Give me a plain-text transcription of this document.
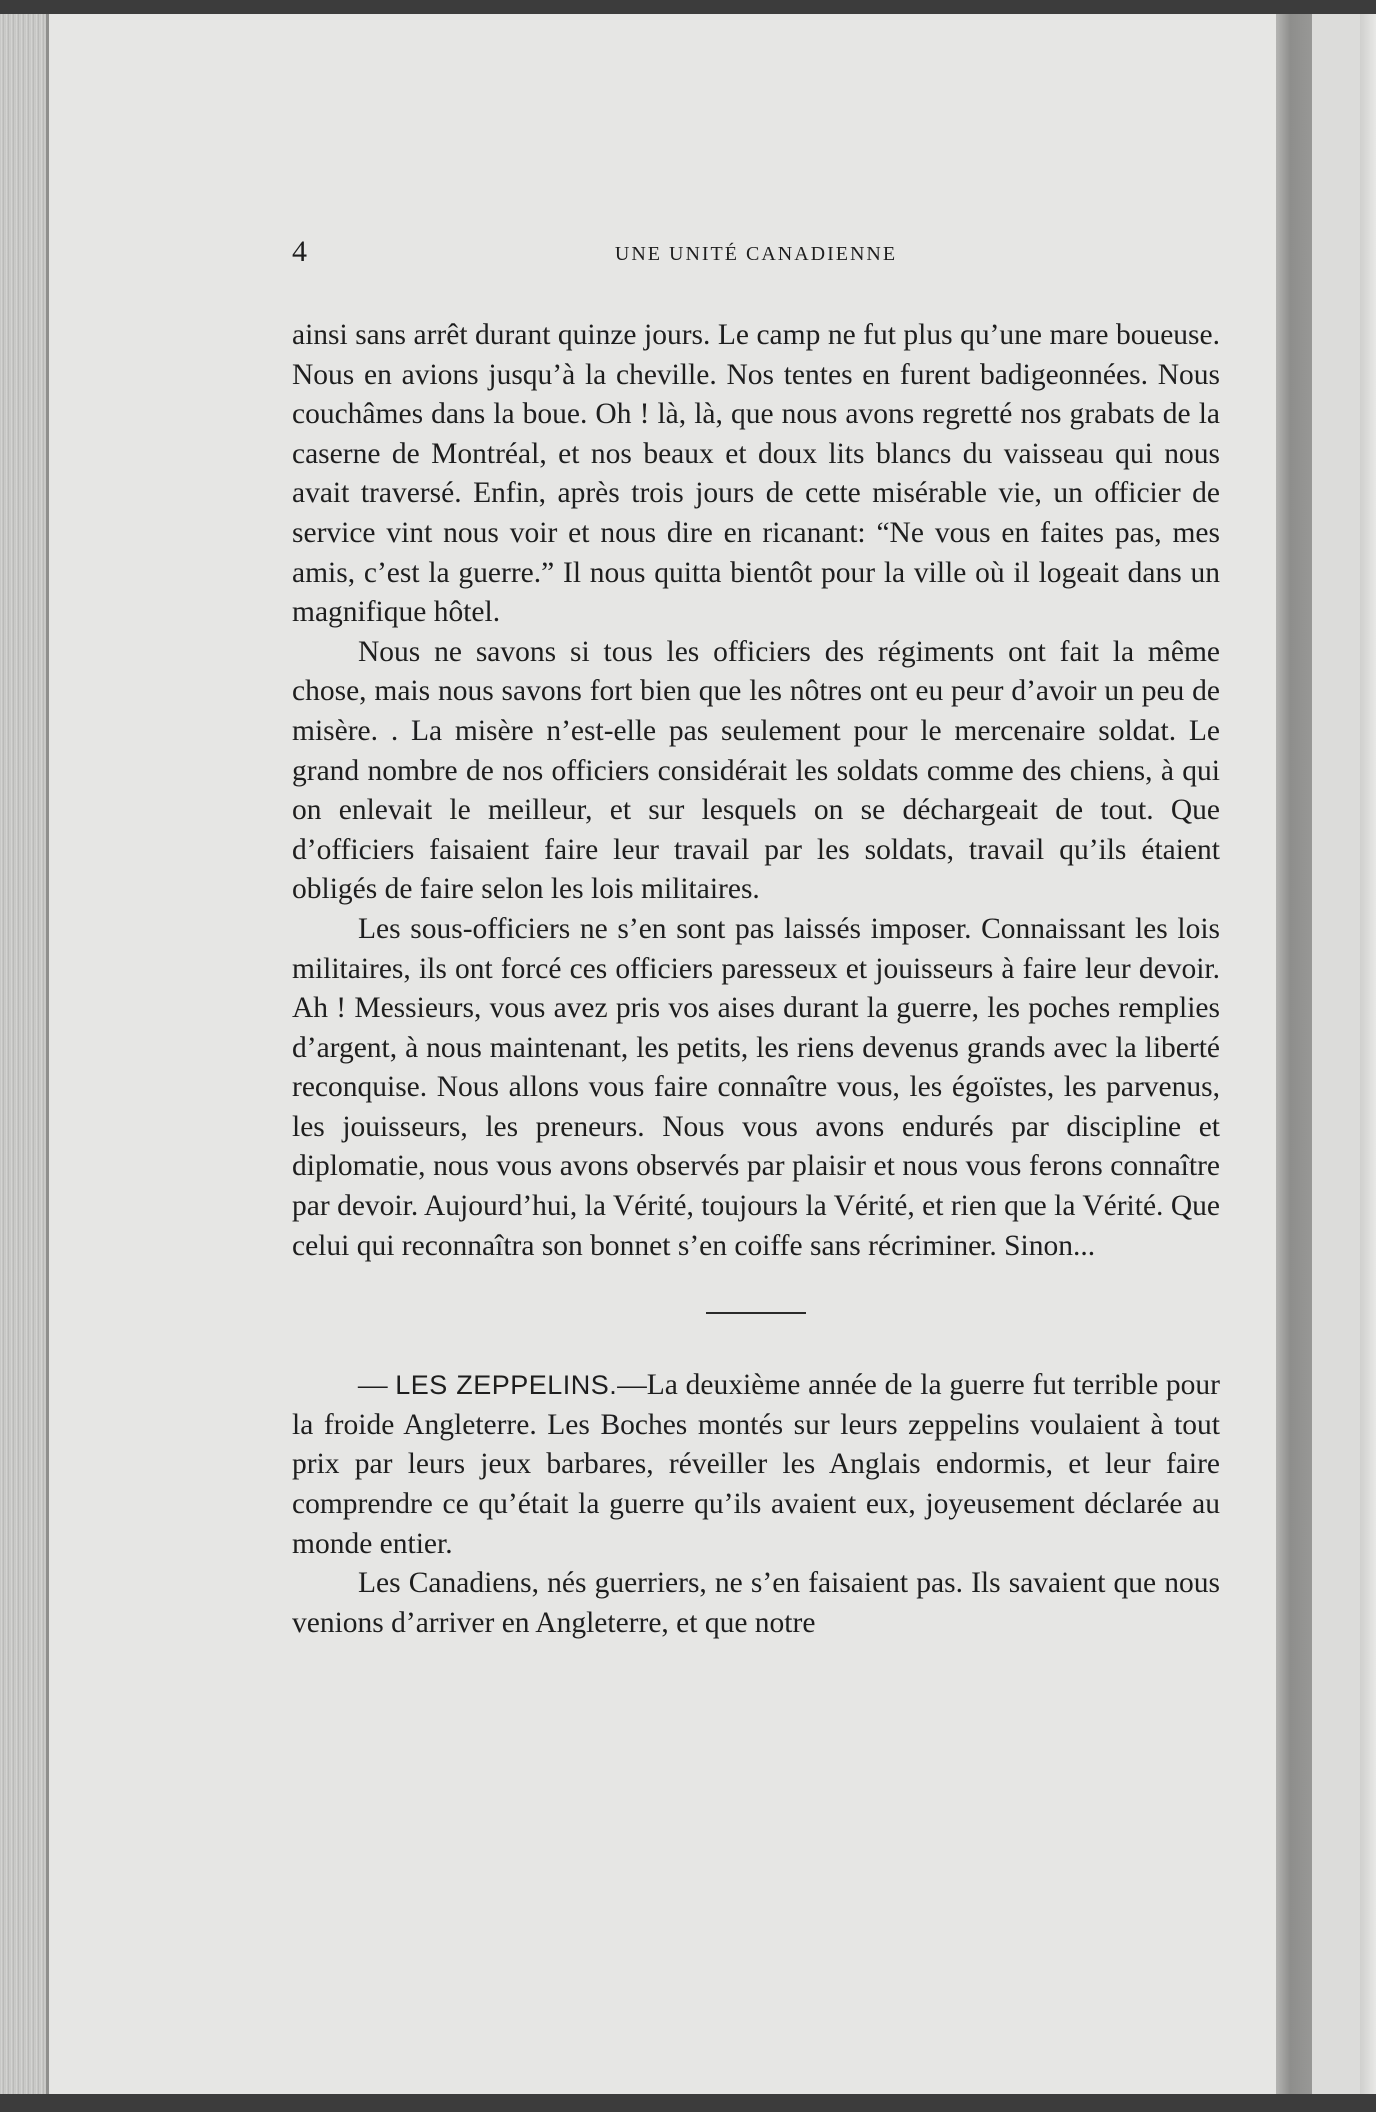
4	UNE UNITÉ CANADIENNE

ainsi sans arrêt durant quinze jours. Le camp ne fut plus qu’une mare boueuse. Nous en avions jusqu’à la cheville. Nos tentes en furent badigeonnées. Nous couchâmes dans la boue. Oh ! là, là, que nous avons regretté nos grabats de la caserne de Montréal, et nos beaux et doux lits blancs du vaisseau qui nous avait traversé. Enfin, après trois jours de cette misérable vie, un officier de service vint nous voir et nous dire en ricanant: “Ne vous en faites pas, mes amis, c’est la guerre.” Il nous quitta bientôt pour la ville où il logeait dans un magnifique hôtel.

Nous ne savons si tous les officiers des régiments ont fait la même chose, mais nous savons fort bien que les nôtres ont eu peur d’avoir un peu de misère. . La misère n’est-elle pas seulement pour le mercenaire soldat. Le grand nombre de nos officiers considérait les soldats comme des chiens, à qui on enlevait le meilleur, et sur lesquels on se déchargeait de tout. Que d’officiers faisaient faire leur travail par les soldats, travail qu’ils étaient obligés de faire selon les lois militaires.

Les sous-officiers ne s’en sont pas laissés imposer. Connaissant les lois militaires, ils ont forcé ces officiers paresseux et jouisseurs à faire leur devoir. Ah ! Messieurs, vous avez pris vos aises durant la guerre, les poches remplies d’argent, à nous maintenant, les petits, les riens devenus grands avec la liberté reconquise. Nous allons vous faire connaître vous, les égoïstes, les parvenus, les jouisseurs, les preneurs. Nous vous avons endurés par discipline et diplomatie, nous vous avons observés par plaisir et nous vous ferons connaître par devoir. Aujourd’hui, la Vérité, toujours la Vérité, et rien que la Vérité. Que celui qui reconnaîtra son bonnet s’en coiffe sans récriminer. Sinon...

— LES ZEPPELINS.—La deuxième année de la guerre fut terrible pour la froide Angleterre. Les Boches montés sur leurs zeppelins voulaient à tout prix par leurs jeux barbares, réveiller les Anglais endormis, et leur faire comprendre ce qu’était la guerre qu’ils avaient eux, joyeusement déclarée au monde entier.

Les Canadiens, nés guerriers, ne s’en faisaient pas. Ils savaient que nous venions d’arriver en Angleterre, et que notre
